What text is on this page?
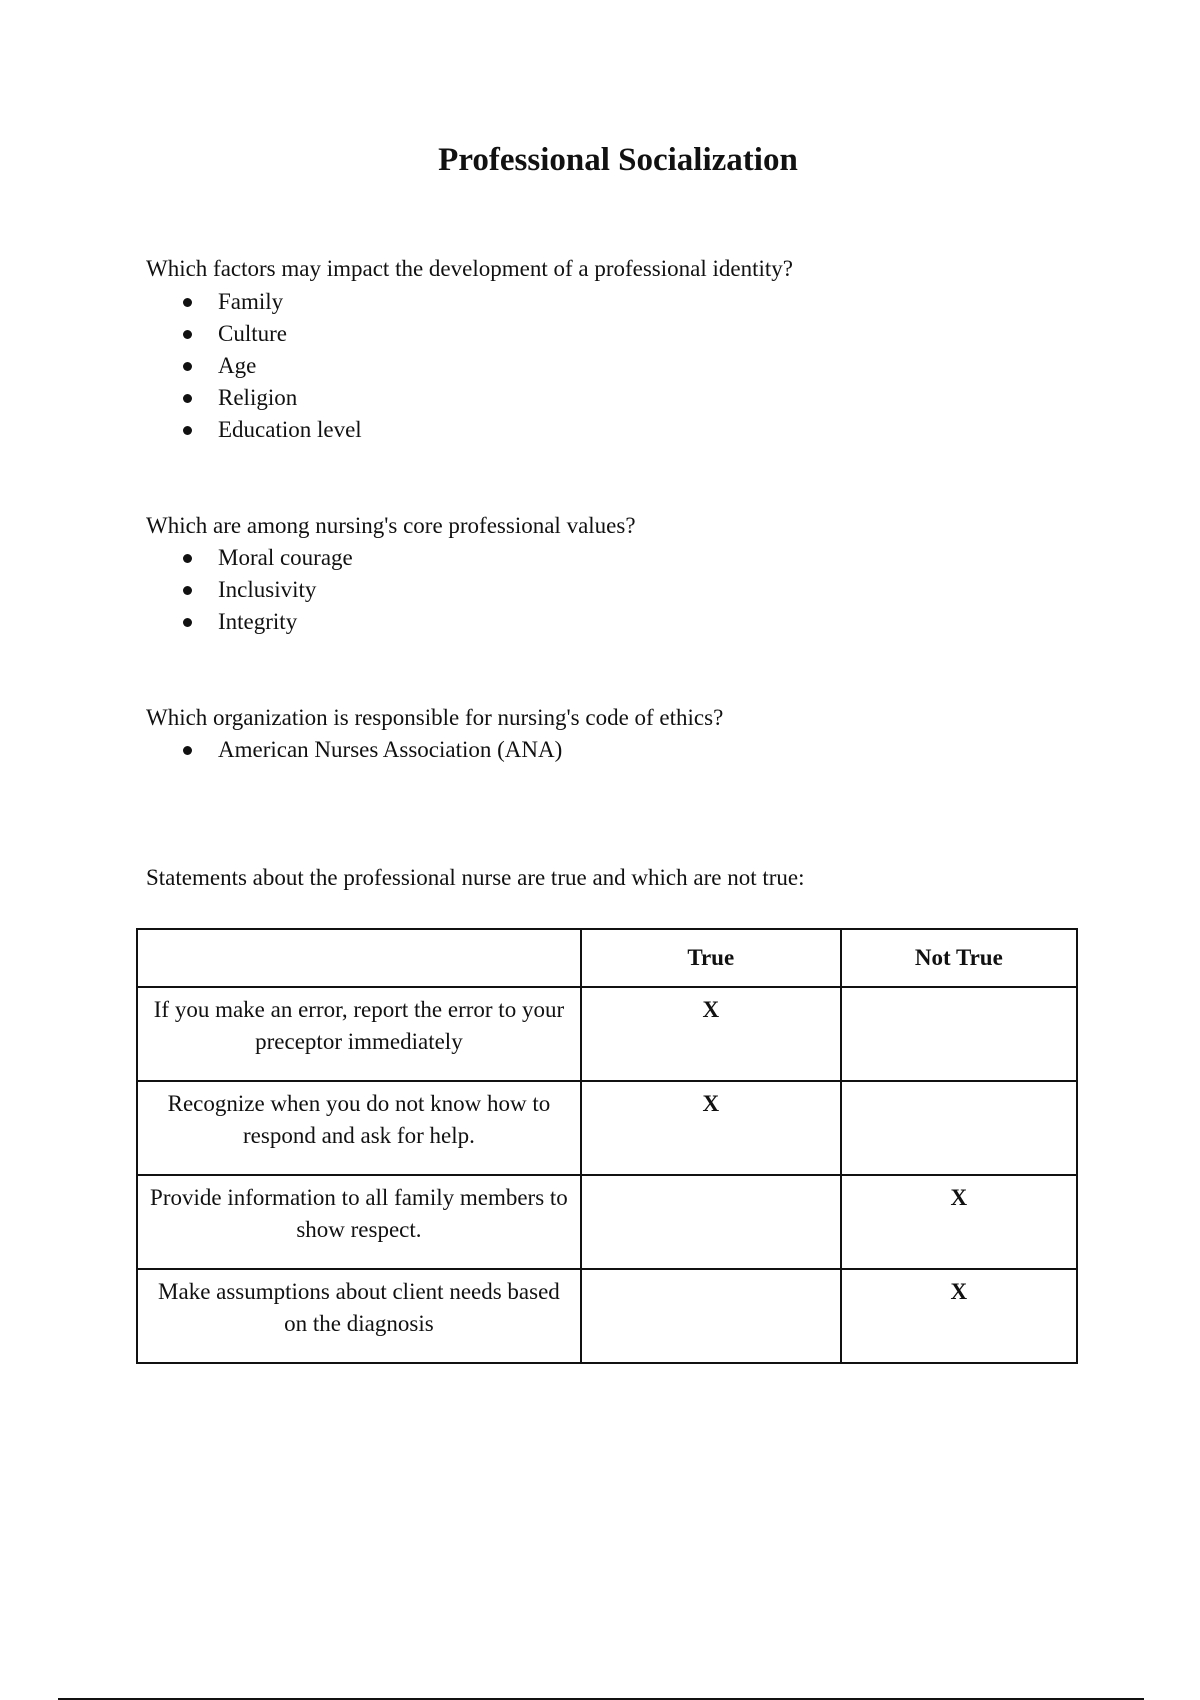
Professional Socialization

Which factors may impact the development of a professional identity?

Family
Culture
Age
Religion
Education level

Which are among nursing's core professional values?

Moral courage
Inclusivity
Integrity

Which organization is responsible for nursing's code of ethics?

American Nurses Association (ANA)

Statements about the professional nurse are true and which are not true:

	True	Not True
If you make an error, report the error to your preceptor immediately	X	
Recognize when you do not know how to respond and ask for help.	X	
Provide information to all family members to show respect.		X
Make assumptions about client needs based on the diagnosis		X
